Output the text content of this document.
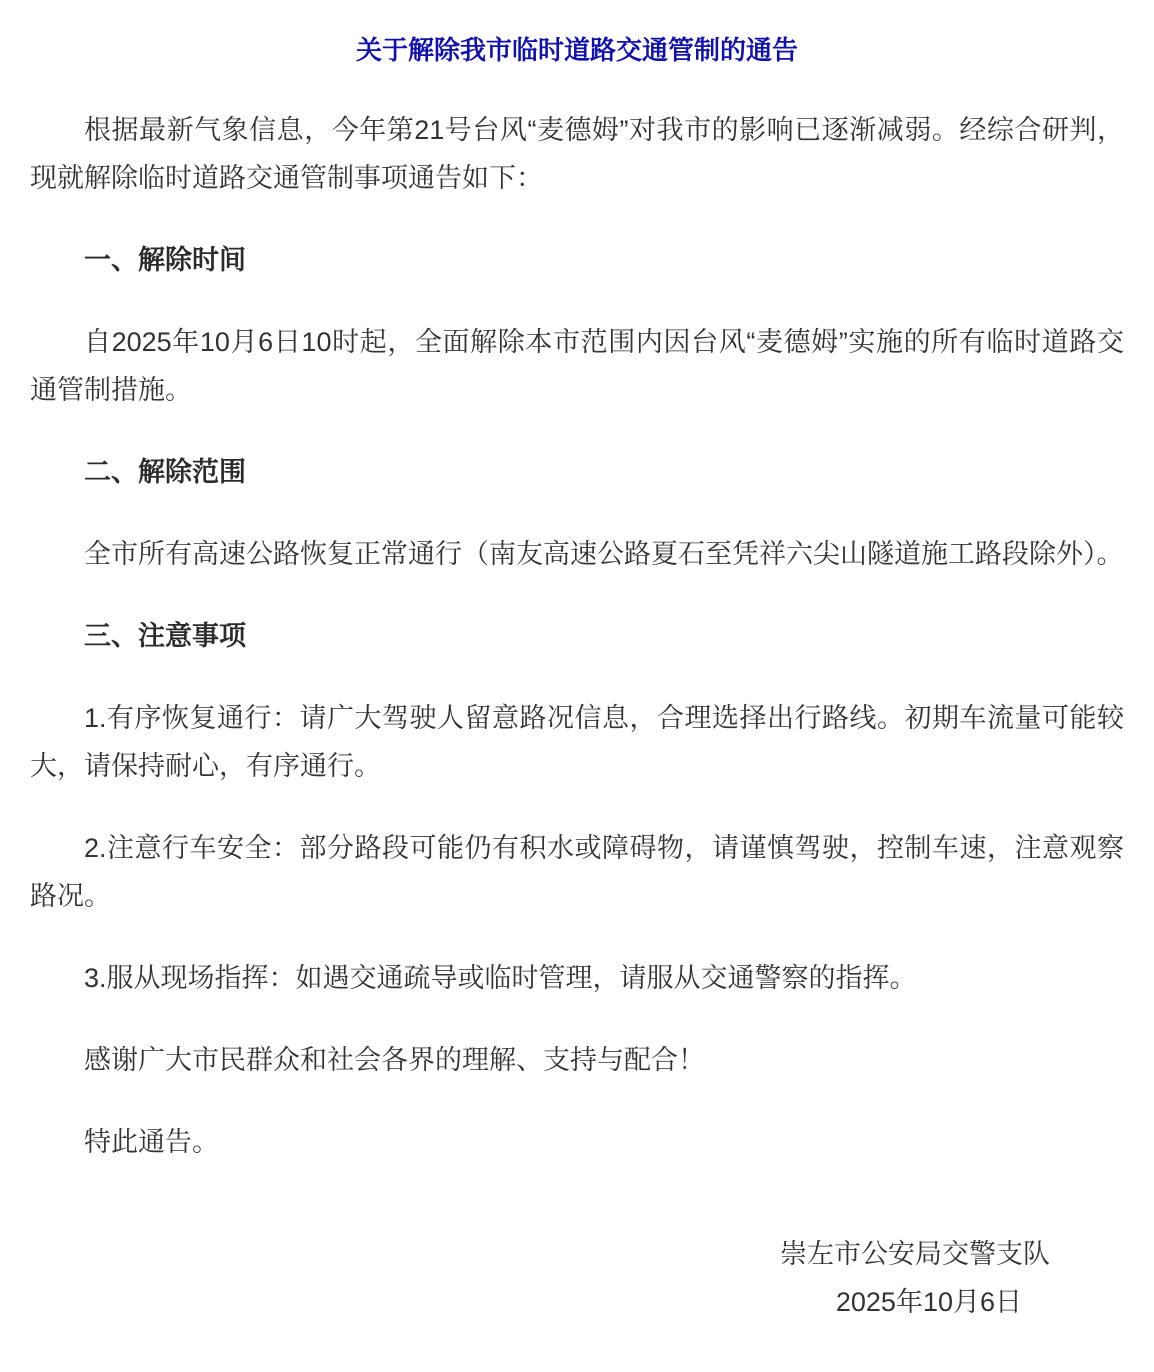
关于解除我市临时道路交通管制的通告

根据最新气象信息，今年第21号台风“麦德姆”对我市的影响已逐渐减弱。经综合研判，现就解除临时道路交通管制事项通告如下：

一、解除时间

自2025年10月6日10时起，全面解除本市范围内因台风“麦德姆”实施的所有临时道路交通管制措施。

二、解除范围

全市所有高速公路恢复正常通行（南友高速公路夏石至凭祥六尖山隧道施工路段除外）。

三、注意事项

1.有序恢复通行：请广大驾驶人留意路况信息，合理选择出行路线。初期车流量可能较大，请保持耐心，有序通行。

2.注意行车安全：部分路段可能仍有积水或障碍物，请谨慎驾驶，控制车速，注意观察路况。

3.服从现场指挥：如遇交通疏导或临时管理，请服从交通警察的指挥。

感谢广大市民群众和社会各界的理解、支持与配合！

特此通告。

崇左市公安局交警支队

2025年10月6日
